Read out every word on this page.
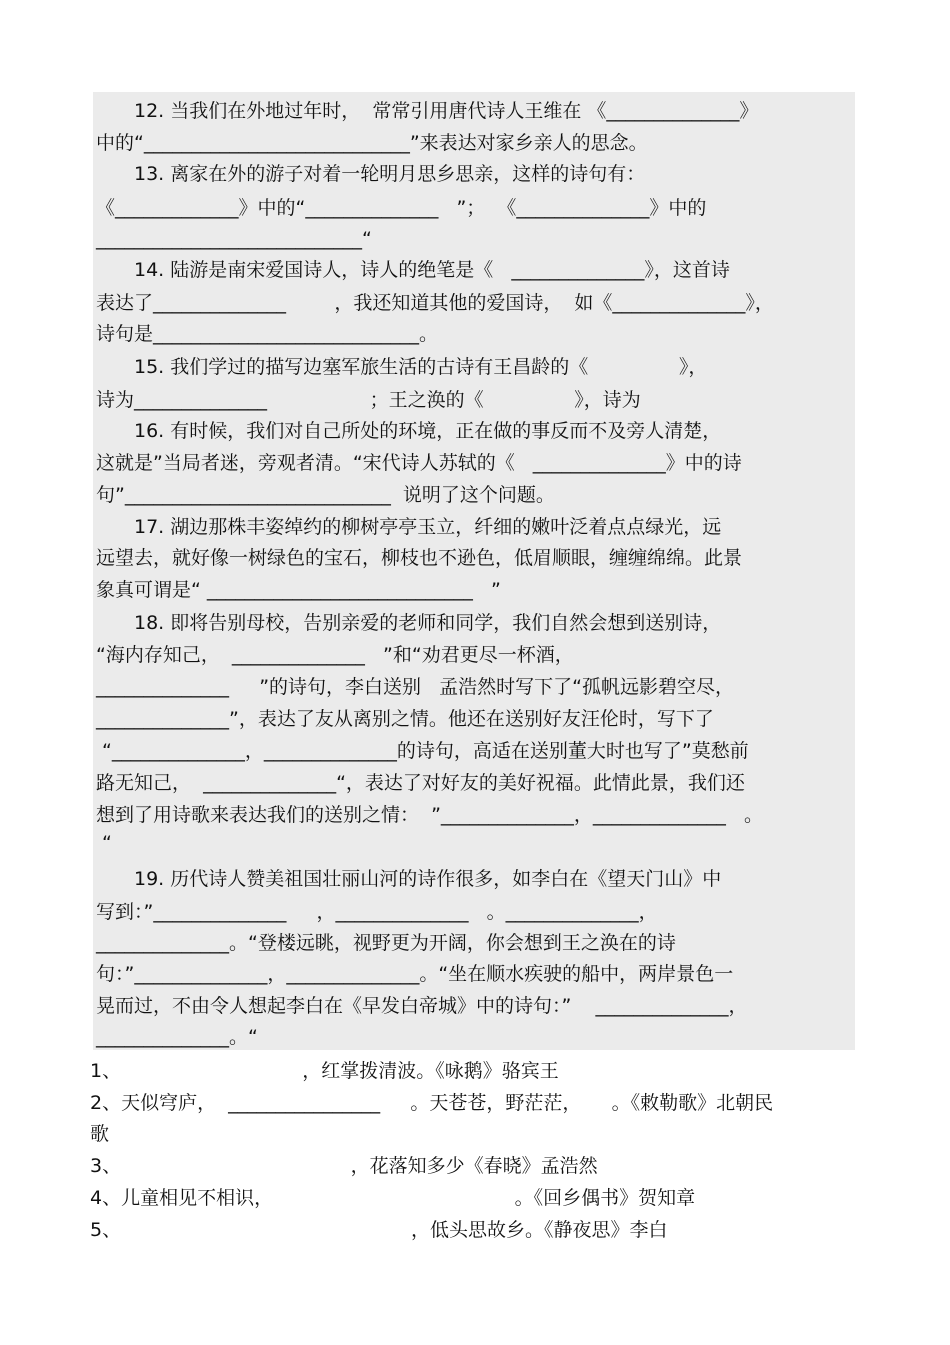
　　12. 当我们在外地过年时，  常常引用唐代诗人王维在 《______________》
中的“____________________________”来表达对家乡亲人的思念。
　　13. 离家在外的游子对着一轮明月思乡思亲，这样的诗句有：
《_____________》中的“______________   ”；  《______________》中的
____________________________“
　　14. 陆游是南宋爱国诗人，诗人的绝笔是《   ______________》，这首诗
表达了______________        ，我还知道其他的爱国诗，  如《______________》，
诗句是____________________________。
　　15. 我们学过的描写边塞军旅生活的古诗有王昌龄的《               》，
诗为______________                 ；王之涣的《               》，诗为
　　16. 有时候，我们对自己所处的环境，正在做的事反而不及旁人清楚，
这就是”当局者迷，旁观者清。“宋代诗人苏轼的《   ______________》中的诗
句”____________________________  说明了这个问题。
　　17. 湖边那株丰姿绰约的柳树亭亭玉立，纤细的嫩叶泛着点点绿光，远
远望去，就好像一树绿色的宝石，柳枝也不逊色，低眉顺眼，缠缠绵绵。此景
象真可谓是“ ____________________________   ”
　　18. 即将告别母校，告别亲爱的老师和同学，我们自然会想到送别诗，
“海内存知己，  ______________   ”和“劝君更尽一杯酒，
______________     ”的诗句，李白送别   孟浩然时写下了“孤帆远影碧空尽，
______________”，表达了友从离别之情。他还在送别好友汪伦时，写下了
“______________，______________的诗句，高适在送别董大时也写了”莫愁前
路无知己，  ______________“，表达了对好友的美好祝福。此情此景，我们还
想到了用诗歌来表达我们的送别之情：  ”______________，______________   。
“
　　19. 历代诗人赞美祖国壮丽山河的诗作很多，如李白在《望天门山》中
写到：”______________     ，______________   。______________，
______________。“登楼远眺，视野更为开阔，你会想到王之涣在的诗
句：”______________，______________。“坐在顺水疾驶的船中，两岸景色一
晃而过，不由令人想起李白在《早发白帝城》中的诗句：”    ______________，
______________。“
1、                              ，红掌拨清波。《咏鹅》骆宾王
2、天似穹庐，  ________________     。天苍苍，野茫茫，     。《敕勒歌》北朝民
歌
3、                                      ，花落知多少《春晓》孟浩然
4、儿童相见不相识，                                        。《回乡偶书》贺知章
5、                                                ，低头思故乡。《静夜思》李白
